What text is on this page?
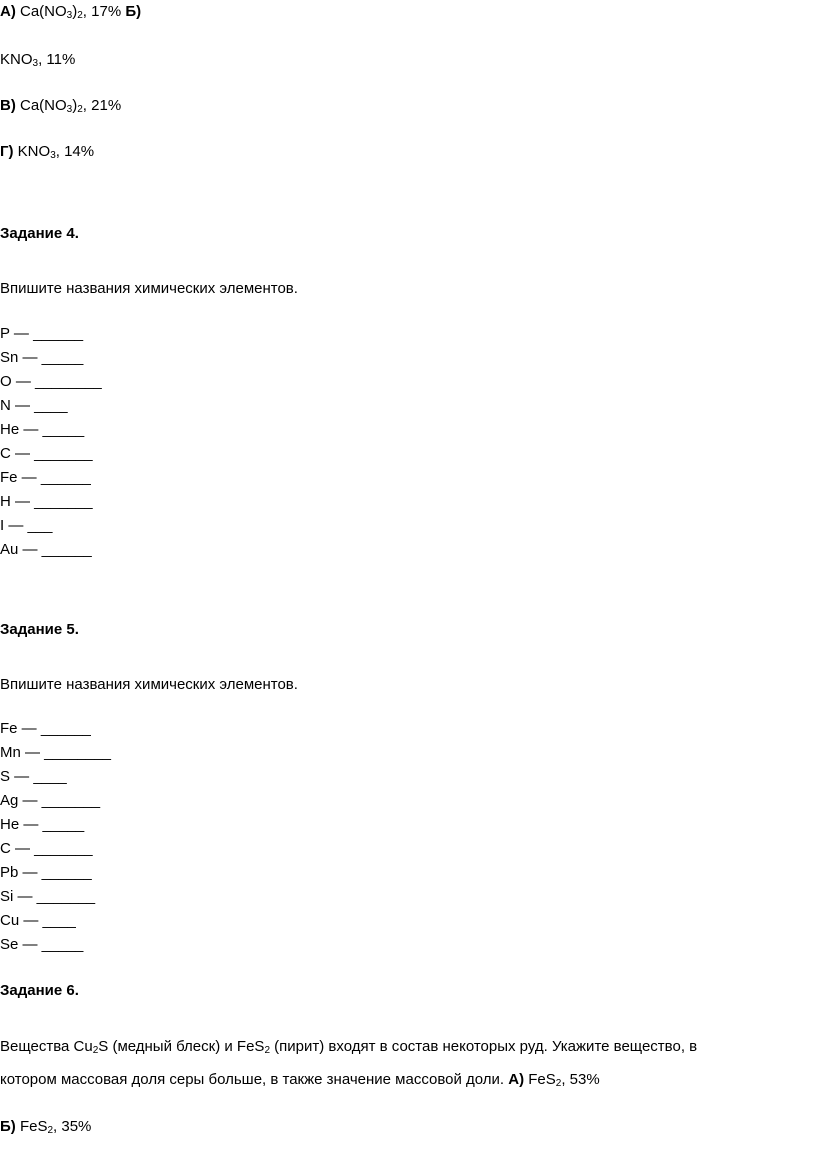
А) $Ca(NO_3)_2$, 17% Б)
$KNO_3$, 11%
В) $Ca(NO_3)_2$, 21%
Г) $KNO_3$, 14%
Задание 4.
Впишите названия химических элементов.
P — ______
Sn — _____
O — ________
N — ____
He — _____
C — _______
Fe — ______
H — _______
I — ___
Au — ______
Задание 5.
Впишите названия химических элементов.
Fe — ______
Mn — ________
S — ____
Ag — _______
He — _____
C — _______
Pb — ______
Si — _______
Cu — ____
Se — _____
Задание 6.
Вещества $Cu_2S$ (медный блеск) и FeS$_2$ (пирит) входят в состав некоторых руд. Укажите вещество, в
котором массовая доля серы больше, в также значение массовой доли. А) FeS$_2$, 53%
Б) FeS$_2$, 35%
